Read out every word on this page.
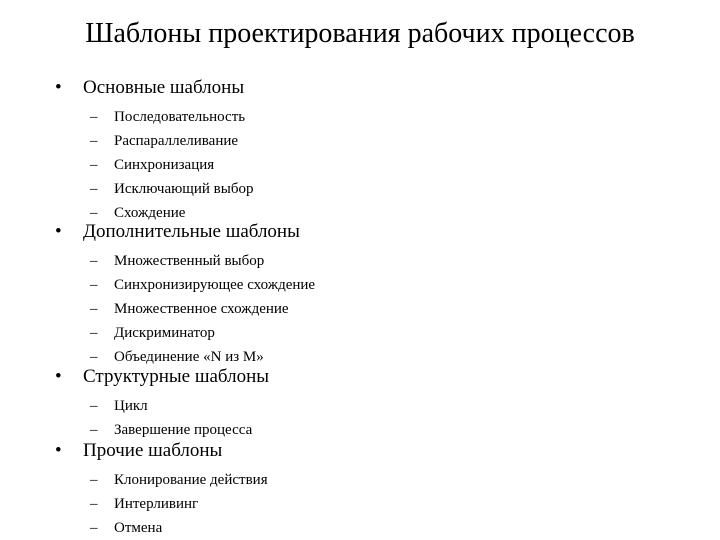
Шаблоны проектирования рабочих процессов
• Основные шаблоны
– Последовательность
– Распараллеливание
– Синхронизация
– Исключающий выбор
– Схождение
• Дополнительные шаблоны
– Множественный выбор
– Синхронизирующее схождение
– Множественное схождение
– Дискриминатор
– Объединение «N из M»
• Структурные шаблоны
– Цикл
– Завершение процесса
• Прочие шаблоны
– Клонирование действия
– Интерливинг
– Отмена
